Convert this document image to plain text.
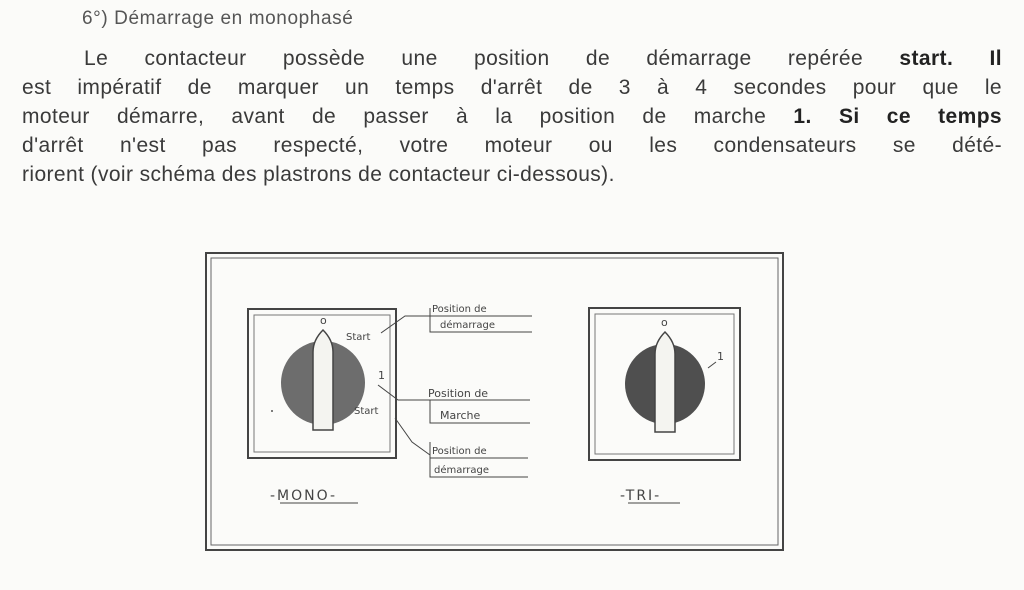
6°) Démarrage en monophasé

Le contacteur possède une position de démarrage repérée start. Il
est impératif de marquer un temps d'arrêt de 3 à 4 secondes pour que le
moteur démarre, avant de passer à la position de marche 1. Si ce temps
d'arrêt n'est pas respecté, votre moteur ou les condensateurs se dété-
riorent (voir schéma des plastrons de contacteur ci-dessous).

o
Start
1
Start
Position de
démarrage
Position de
Marche
Position de
démarrage
-MONO-
o
1
-TRI-
